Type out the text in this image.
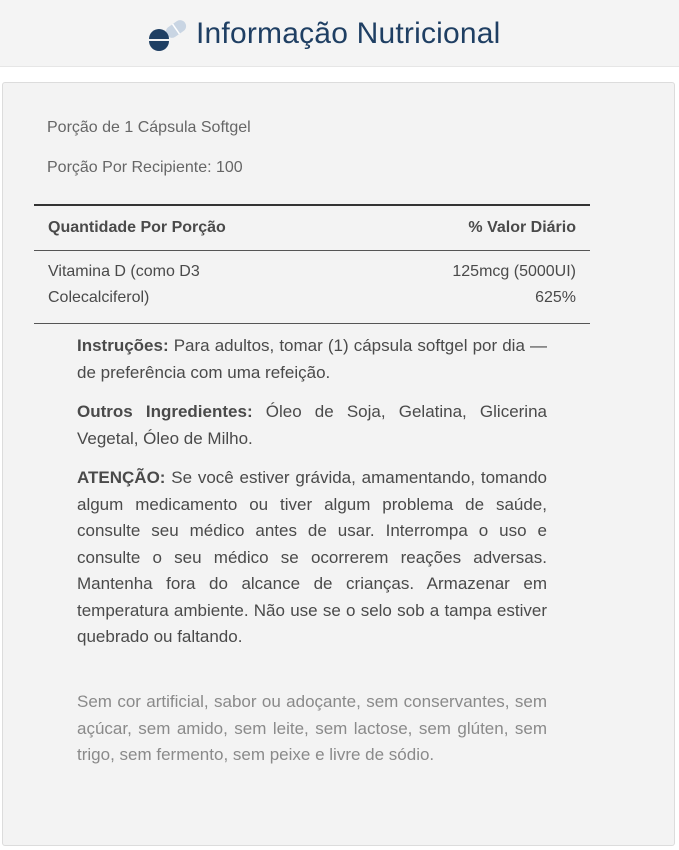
Informação Nutricional
Porção de 1 Cápsula Softgel
Porção Por Recipiente: 100
Quantidade Por Porção	% Valor Diário
Vitamina D (como D3
Colecalciferol)
125mcg (5000UI)
625%
Instruções: Para adultos, tomar (1) cápsula softgel por dia — de preferência com uma refeição.
Outros Ingredientes: Óleo de Soja, Gelatina, Glicerina Vegetal, Óleo de Milho.
ATENÇÃO: Se você estiver grávida, amamentando, tomando algum medicamento ou tiver algum problema de saúde, consulte seu médico antes de usar. Interrompa o uso e consulte o seu médico se ocorrerem reações adversas. Mantenha fora do alcance de crianças. Armazenar em temperatura ambiente. Não use se o selo sob a tampa estiver quebrado ou faltando.
Sem cor artificial, sabor ou adoçante, sem conservantes, sem açúcar, sem amido, sem leite, sem lactose, sem glúten, sem trigo, sem fermento, sem peixe e livre de sódio.
